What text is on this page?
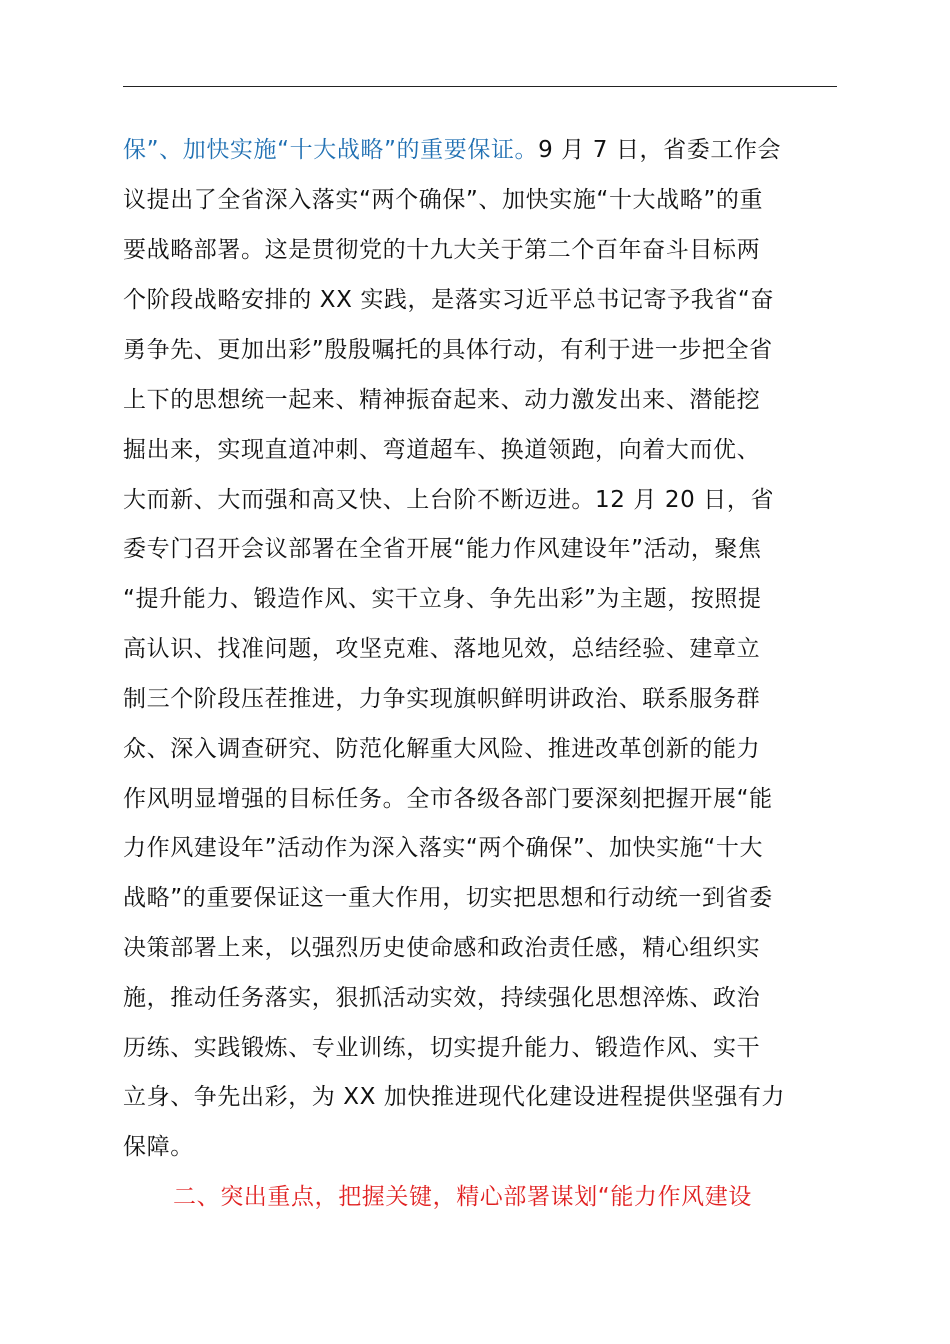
保”、加快实施“十大战略”的重要保证。9 月 7 日，省委工作会
议提出了全省深入落实“两个确保”、加快实施“十大战略”的重
要战略部署。这是贯彻党的十九大关于第二个百年奋斗目标两
个阶段战略安排的 XX 实践，是落实习近平总书记寄予我省“奋
勇争先、更加出彩”殷殷嘱托的具体行动，有利于进一步把全省
上下的思想统一起来、精神振奋起来、动力激发出来、潜能挖
掘出来，实现直道冲刺、弯道超车、换道领跑，向着大而优、
大而新、大而强和高又快、上台阶不断迈进。12 月 20 日，省
委专门召开会议部署在全省开展“能力作风建设年”活动，聚焦
“提升能力、锻造作风、实干立身、争先出彩”为主题，按照提
高认识、找准问题，攻坚克难、落地见效，总结经验、建章立
制三个阶段压茬推进，力争实现旗帜鲜明讲政治、联系服务群
众、深入调查研究、防范化解重大风险、推进改革创新的能力
作风明显增强的目标任务。全市各级各部门要深刻把握开展“能
力作风建设年”活动作为深入落实“两个确保”、加快实施“十大
战略”的重要保证这一重大作用，切实把思想和行动统一到省委
决策部署上来，以强烈历史使命感和政治责任感，精心组织实
施，推动任务落实，狠抓活动实效，持续强化思想淬炼、政治
历练、实践锻炼、专业训练，切实提升能力、锻造作风、实干
立身、争先出彩，为 XX 加快推进现代化建设进程提供坚强有力
保障。
二、突出重点，把握关键，精心部署谋划“能力作风建设
